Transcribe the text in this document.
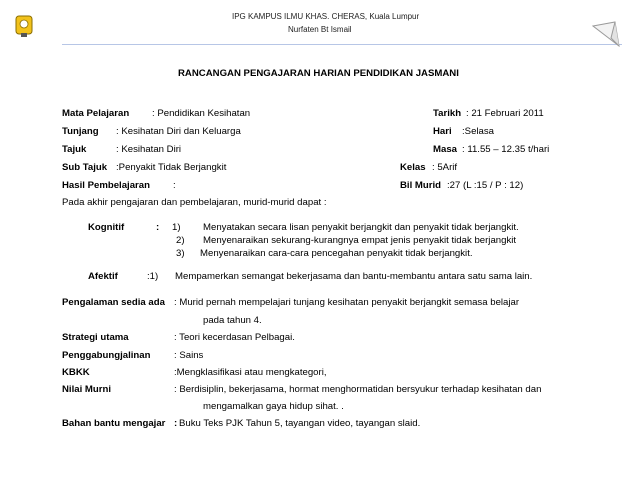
IPG KAMPUS ILMU KHAS. CHERAS, Kuala Lumpur
Nurfaten Bt Ismail
RANCANGAN PENGAJARAN HARIAN PENDIDIKAN JASMANI
Mata Pelajaran : Pendidikan Kesihatan	Tarikh : 21 Februari 2011
Tunjang : Kesihatan Diri dan Keluarga	Hari :Selasa
Tajuk	: Kesihatan Diri	Masa : 11.55 – 12.35 t/hari
Sub Tajuk :Penyakit Tidak Berjangkit	Kelas : 5Arif
Hasil Pembelajaran :	Bil Murid :27 (L :15 / P : 12)
Pada akhir pengajaran dan pembelajaran, murid-murid dapat :
Kognitif	: 1) Menyatakan secara lisan penyakit berjangkit dan penyakit tidak berjangkit.
2) Menyenaraikan sekurang-kurangnya empat jenis penyakit tidak berjangkit
3) Menyenaraikan cara-cara pencegahan penyakit tidak berjangkit.
Afektif	:1) Mempamerkan semangat bekerjasama dan bantu-membantu antara satu sama lain.
Pengalaman sedia ada : Murid pernah mempelajari tunjang kesihatan penyakit berjangkit semasa belajar
pada tahun 4.
Strategi utama	: Teori kecerdasan Pelbagai.
Penggabungjalinan : Sains
KBKK	:Mengklasifikasi atau mengkategori,
Nilai Murni	: Berdisiplin, bekerjasama, hormat menghormatidan bersyukur terhadap kesihatan dan
mengamalkan gaya hidup sihat. .
Bahan bantu mengajar : Buku Teks PJK Tahun 5, tayangan video, tayangan slaid.
